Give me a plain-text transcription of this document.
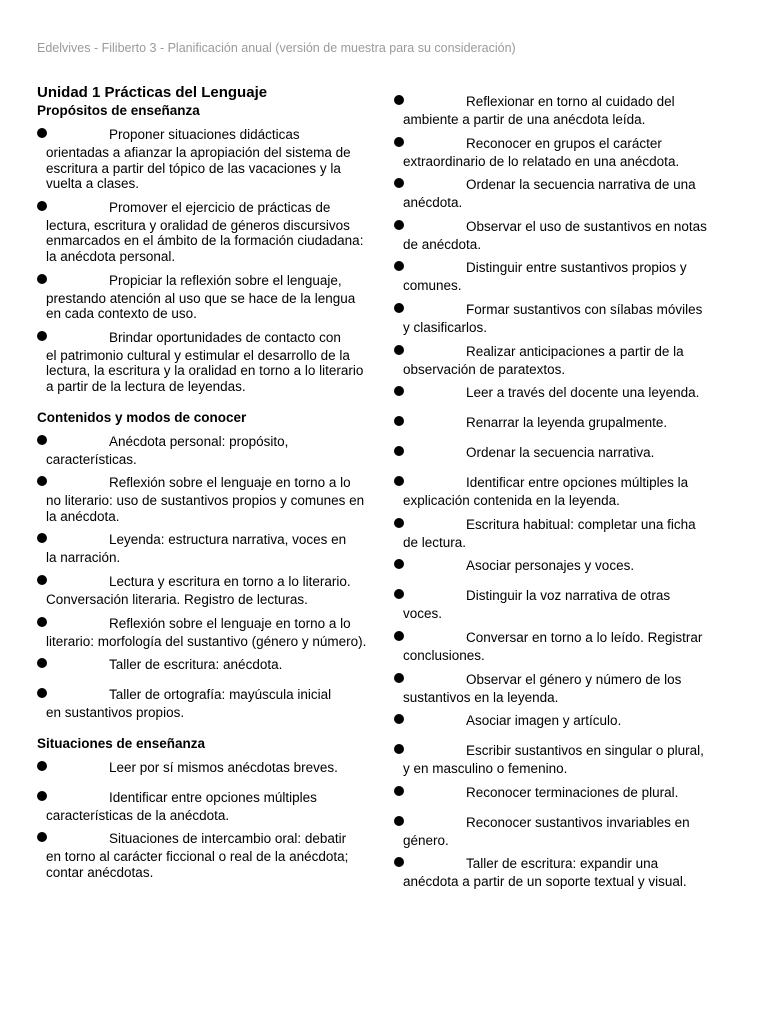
Edelvives - Filiberto 3 - Planificación anual (versión de muestra para su consideración)
Unidad 1 Prácticas del Lenguaje
Propósitos de enseñanza
Proponer situaciones didácticas
orientadas a afianzar la apropiación del sistema de escritura a partir del tópico de las vacaciones y la vuelta a clases.
Promover el ejercicio de prácticas de
lectura, escritura y oralidad de géneros discursivos enmarcados en el ámbito de la formación ciudadana: la anécdota personal.
Propiciar la reflexión sobre el lenguaje,
prestando atención al uso que se hace de la lengua en cada contexto de uso.
Brindar oportunidades de contacto con
el patrimonio cultural y estimular el desarrollo de la lectura, la escritura y la oralidad en torno a lo literario a partir de la lectura de leyendas.
Contenidos y modos de conocer
Anécdota personal: propósito,
características.
Reflexión sobre el lenguaje en torno a lo
no literario: uso de sustantivos propios y comunes en la anécdota.
Leyenda: estructura narrativa, voces en
la narración.
Lectura y escritura en torno a lo literario.
Conversación literaria. Registro de lecturas.
Reflexión sobre el lenguaje en torno a lo
literario: morfología del sustantivo (género y número).
Taller de escritura: anécdota.
Taller de ortografía: mayúscula inicial
en sustantivos propios.
Situaciones de enseñanza
Leer por sí mismos anécdotas breves.
Identificar entre opciones múltiples
características de la anécdota.
Situaciones de intercambio oral: debatir
en torno al carácter ficcional o real de la anécdota; contar anécdotas.
Reflexionar en torno al cuidado del
ambiente a partir de una anécdota leída.
Reconocer en grupos el carácter
extraordinario de lo relatado en una anécdota.
Ordenar la secuencia narrativa de una
anécdota.
Observar el uso de sustantivos en notas
de anécdota.
Distinguir entre sustantivos propios y
comunes.
Formar sustantivos con sílabas móviles
y clasificarlos.
Realizar anticipaciones a partir de la
observación de paratextos.
Leer a través del docente una leyenda.
Renarrar la leyenda grupalmente.
Ordenar la secuencia narrativa.
Identificar entre opciones múltiples la
explicación contenida en la leyenda.
Escritura habitual: completar una ficha
de lectura.
Asociar personajes y voces.
Distinguir la voz narrativa de otras
voces.
Conversar en torno a lo leído. Registrar
conclusiones.
Observar el género y número de los
sustantivos en la leyenda.
Asociar imagen y artículo.
Escribir sustantivos en singular o plural,
y en masculino o femenino.
Reconocer terminaciones de plural.
Reconocer sustantivos invariables en
género.
Taller de escritura: expandir una
anécdota a partir de un soporte textual y visual.
